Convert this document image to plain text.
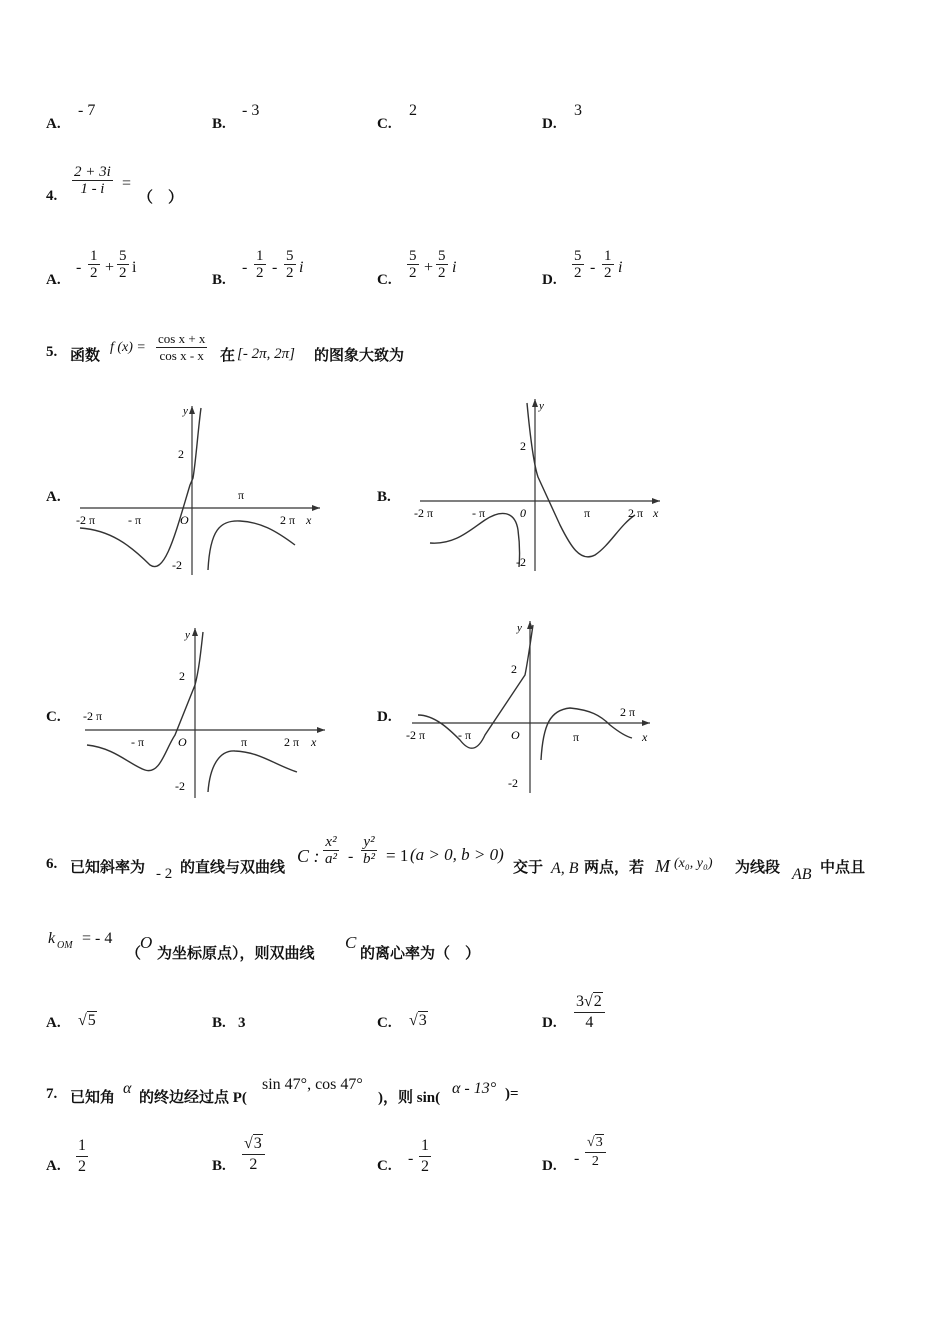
A.
- 7
B.
- 3
C.
2
D.
3
4. $\frac{2 + 3i}{1 - i}$ =
（　）
A.
- $\frac{1}{2} + \frac{5}{2}$ i
B.
- $\frac{1}{2} - \frac{5}{2}$ i
C. $\frac{5}{2} + \frac{5}{2}$ i
D. $\frac{5}{2} - \frac{1}{2}$ i
5. 函数
f $(x) = \frac{\text{cos x + x}}{\text{cos x - x}}$ 在 [- 2π, 2π] 的图象大致为
A.
y
x
O
2
-2
π
2 π
- π
-2 π
B.
y
x
0
2
-2
π	2 π
- π
-2 π
C.
y
x
O
2
-2
π	2 π
- π
-2 π	D.
y
x
O
2
-2
π
2 π
- π
-2 π
6. 已知斜率为 - 2 的直线与双曲线
C : $\frac{\text{x²}}{\text{a²}} - \frac{\text{y²}}{\text{b²}} = 1$ (a > 0, b > 0)
交于 A, B 两点，若 M (x₀, y₀) 为线段 AB 中点且
k OM = - 4
（
O
为坐标原点），则双曲线
C
的离心率为（　）
A. √5	B. 3	C. √3	D. $\frac{3√2}{4}$
7. 已知角
α
的终边经过点 P(
sin 47°, cos 47°
)，则 sin(
α - 13° )=
A. $\frac{1}{2}$	B. $\frac{√3}{2}$	C. - $\frac{1}{2}$	D. - $\frac{√3}{2}$
